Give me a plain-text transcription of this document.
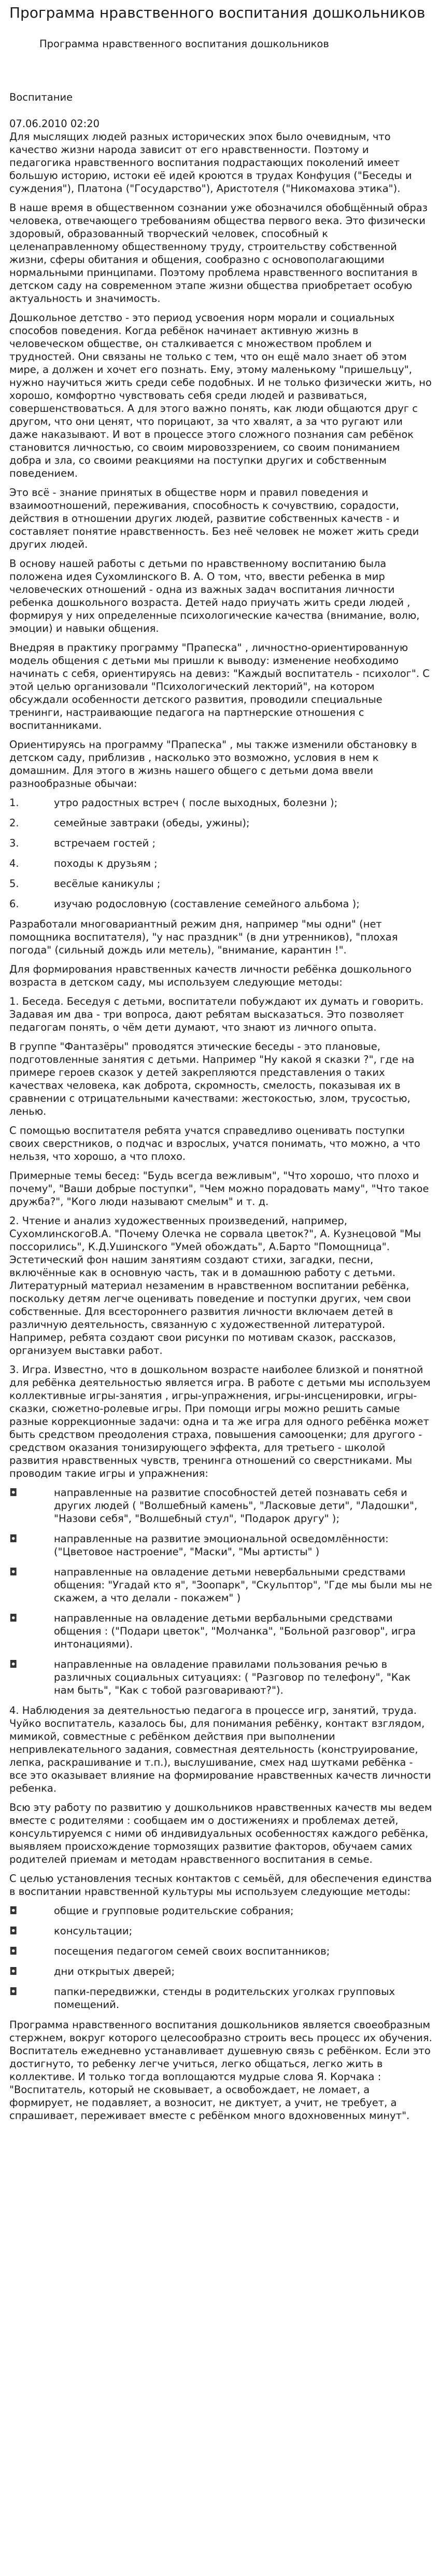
Программа нравственного воспитания дошкольников
Программа нравственного воспитания дошкольников
Воспитание
07.06.2010 02:20

Для мыслящих людей разных исторических эпох было очевидным, что качество жизни народа зависит от его нравственности. Поэтому и педагогика нравственного воспитания подрастающих поколений имеет большую историю, истоки её идей кроются в трудах Конфуция ("Беседы и суждения"), Платона ("Государство"), Аристотеля ("Никомахова этика").

В наше время в общественном сознании уже обозначился обобщённый образ человека, отвечающего требованиям общества первого века. Это физически здоровый, образованный творческий человек, способный к целенаправленному общественному труду, строительству собственной жизни, сферы обитания и общения, сообразно с основополагающими нормальными принципами. Поэтому проблема нравственного воспитания в детском саду на современном этапе жизни общества приобретает особую актуальность и значимость.

Дошкольное детство - это период усвоения норм морали и социальных способов поведения. Когда ребёнок начинает активную жизнь в человеческом обществе, он сталкивается с множеством проблем и трудностей. Они связаны не только с тем, что он ещё мало знает об этом мире, а должен и хочет его познать. Ему, этому маленькому "пришельцу", нужно научиться жить среди себе подобных. И не только физически жить, но хорошо, комфортно чувствовать себя среди людей и развиваться, совершенствоваться. А для этого важно понять, как люди общаются друг с другом, что они ценят, что порицают, за что хвалят, а за что ругают или даже наказывают. И вот в процессе этого сложного познания сам ребёнок становится личностью, со своим мировоззрением, со своим пониманием добра и зла, со своими реакциями на поступки других и собственным поведением.

Это всё - знание принятых в обществе норм и правил поведения и взаимоотношений, переживания, способность к сочувствию, сорадости, действия в отношении других людей, развитие собственных качеств - и составляет понятие нравственность. Без неё человек не может жить среди других людей.

В основу нашей работы с детьми по нравственному воспитанию была положена идея Сухомлинского В. А. О том, что, ввести ребенка в мир человеческих отношений - одна из важных задач воспитания личности ребенка дошкольного возраста. Детей надо приучать жить среди людей , формируя у них определенные психологические качества (внимание, волю, эмоции) и навыки общения.

Внедряя в практику программу "Прапеска" , личностно-ориентированную модель общения с детьми мы пришли к выводу: изменение необходимо начинать с себя, ориентируясь на девиз: "Каждый воспитатель - психолог". С этой целью организовали "Психологический лекторий", на котором обсуждали особенности детского развития, проводили специальные тренинги, настраивающие педагога на партнерские отношения с воспитанниками.

Ориентируясь на программу "Прапеска" , мы также изменили обстановку в детском саду, приблизив , насколько это возможно, условия в нем к домашним. Для этого в жизнь нашего общего с детьми дома ввели разнообразные обычаи:

1.	утро радостных встреч ( после выходных, болезни );
2.	семейные завтраки (обеды, ужины);
3.	встречаем гостей ;
4.	походы к друзьям ;
5.	весёлые каникулы ;
6.	изучаю родословную (составление семейного альбома );

Разработали многовариантный режим дня, например "мы одни" (нет помощника воспитателя), "у нас праздник" (в дни утренников), "плохая погода" (сильный дождь или метель), "внимание, карантин !".

Для формирования нравственных качеств личности ребёнка дошкольного возраста в детском саду, мы используем следующие методы:

1. Беседа. Беседуя с детьми, воспитатели побуждают их думать и говорить. Задавая им два - три вопроса, дают ребятам высказаться. Это позволяет педагогам понять, о чём дети думают, что знают из личного опыта.

В группе "Фантазёры" проводятся этические беседы - это плановые, подготовленные занятия с детьми. Например "Ну какой я сказки ?", где на примере героев сказок у детей закрепляются представления о таких качествах человека, как доброта, скромность, смелость, показывая их в сравнении с отрицательными качествами: жестокостью, злом, трусостью, ленью.

С помощью воспитателя ребята учатся справедливо оценивать поступки своих сверстников, о подчас и взрослых, учатся понимать, что можно, а что нельзя, что хорошо, а что плохо.

Примерные темы бесед: "Будь всегда вежливым", "Что хорошо, что плохо и почему", "Ваши добрые поступки", "Чем можно порадовать маму", "Что такое дружба?", "Кого люди называют смелым" и т. д.

2. Чтение и анализ художественных произведений, например, СухомлинскогоВ.А. "Почему Олечка не сорвала цветок?", А. Кузнецовой "Мы поссорились", К.Д.Ушинского "Умей обождать", А.Барто "Помощница". Эстетический фон нашим занятиям создают стихи, загадки, песни, включённые как в основную часть, так и в домашнюю работу с детьми. Литературный материал незаменим в нравственном воспитании ребёнка, поскольку детям легче оценивать поведение и поступки других, чем свои собственные. Для всестороннего развития личности включаем детей в различную деятельность, связанную с художественной литературой. Например, ребята создают свои рисунки по мотивам сказок, рассказов, организуем выставки работ.

3. Игра. Известно, что в дошкольном возрасте наиболее близкой и понятной для ребёнка деятельностью является игра. В работе с детьми мы используем коллективные игры-занятия , игры-упражнения, игры-инсценировки, игры-сказки, сюжетно-ролевые игры. При помощи игры можно решить самые разные коррекционные задачи: одна и та же игра для одного ребёнка может быть средством преодоления страха, повышения самооценки; для другого - средством оказания тонизирующего эффекта, для третьего - школой развития нравственных чувств, тренинга отношений со сверстниками. Мы проводим такие игры и упражнения:

◘	направленные на развитие способностей детей познавать себя и других людей ( "Волшебный камень", "Ласковые дети", "Ладошки", "Назови себя", "Волшебный стул", "Подарок другу" );
◘	направленные на развитие эмоциональной осведомлённости: ("Цветовое настроение", "Маски", "Мы артисты" )
◘	направленные на овладение детьми невербальными средствами общения: "Угадай кто я", "Зоопарк", "Скульптор", "Где мы были мы не скажем, а что делали - покажем" )
◘	направленные на овладение детьми вербальными средствами общения : ("Подари цветок", "Молчанка", "Больной разговор", игра интонациями).
◘	направленные на овладение правилами пользования речью в различных социальных ситуациях: ( "Разговор по телефону", "Как нам быть", "Как с тобой разговаривают?").

4. Наблюдения за деятельностью педагога в процессе игр, занятий, труда. Чуйко воспитатель, казалось бы, для понимания ребёнку, контакт взглядом, мимикой, совместные с ребёнком действия при выполнении непривлекательного задания, совместная деятельность (конструирование, лепка, раскрашивание и т.п.), выслушивание, смех над шутками ребёнка - все это оказывает влияние на формирование нравственных качеств личности ребенка.

Всю эту работу по развитию у дошкольников нравственных качеств мы ведем вместе с родителями : сообщаем им о достижениях и проблемах детей, консультируемся с ними об индивидуальных особенностях каждого ребёнка, выявляем происхождение тормозящих развитие факторов, обучаем самих родителей приемам и методам нравственного воспитания в семье.

С целью установления тесных контактов с семьёй, для обеспечения единства в воспитании нравственной культуры мы используем следующие методы:

◘	общие и групповые родительские собрания;
◘	консультации;
◘	посещения педагогом семей своих воспитанников;
◘	дни открытых дверей;
◘	папки-передвижки, стенды в родительских уголках групповых помещений.

Программа нравственного воспитания дошкольников является своеобразным стержнем, вокруг которого целесообразно строить весь процесс их обучения. Воспитатель ежедневно устанавливает душевную связь с ребёнком. Если это достигнуто, то ребенку легче учиться, легко общаться, легко жить в коллективе. И только тогда воплощаются мудрые слова Я. Корчака : "Воспитатель, который не сковывает, а освобождает, не ломает, а формирует, не подавляет, а возносит, не диктует, а учит, не требует, а спрашивает, переживает вместе с ребёнком много вдохновенных минут".
